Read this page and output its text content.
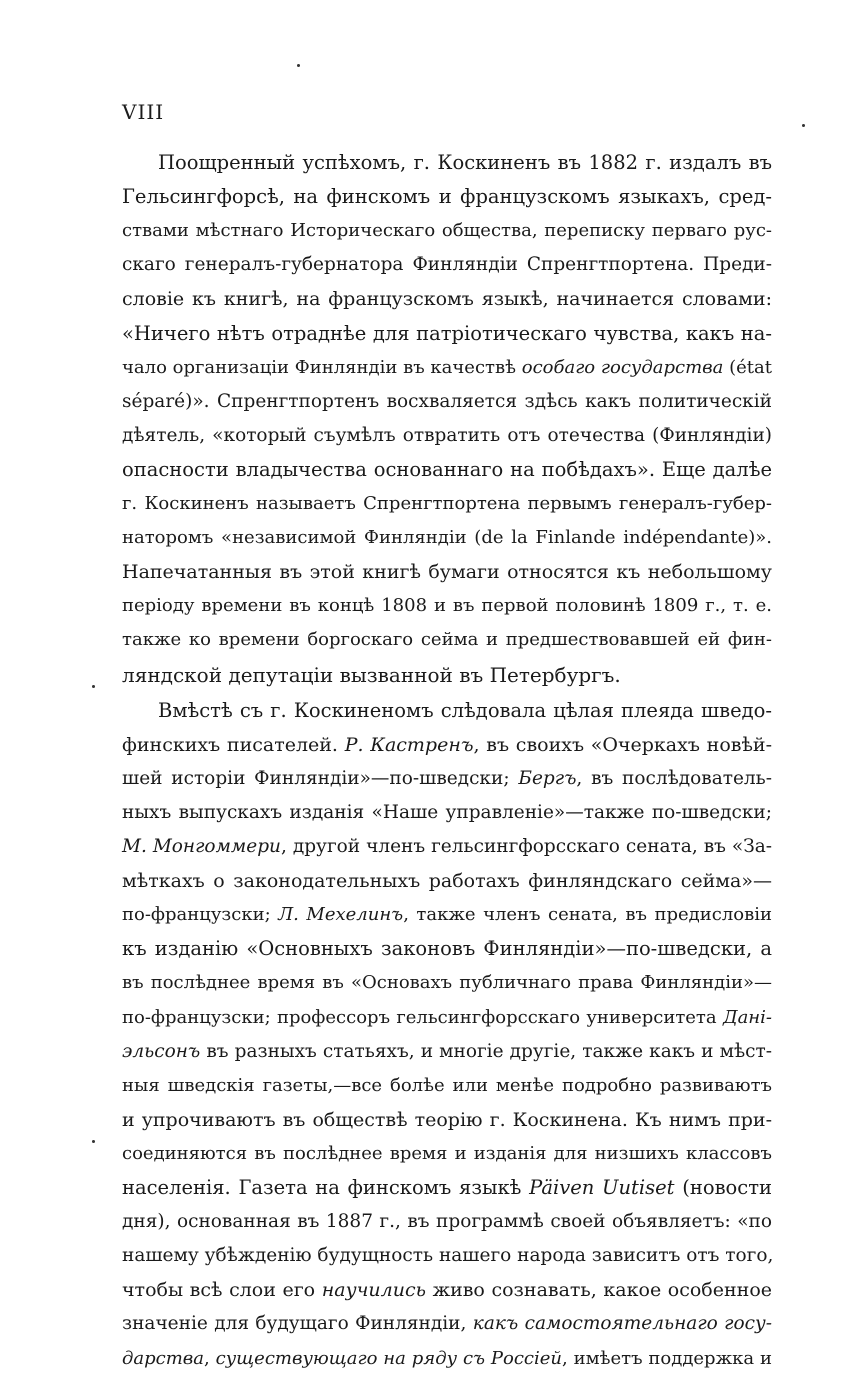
VIII
Поощренный успѣхомъ, г. Коскиненъ въ 1882 г. издалъ въ
Гельсингфорсѣ, на финскомъ и французскомъ языкахъ, сред-
ствами мѣстнаго Историческаго общества, переписку перваго рус-
скаго генералъ-губернатора Финляндіи Спренгтпортена. Преди-
словіе къ книгѣ, на французскомъ языкѣ, начинается словами:
«Ничего нѣтъ отраднѣе для патріотическаго чувства, какъ на-
чало организаціи Финляндіи въ качествѣ особаго государства (état
séparé)». Спренгтпортенъ восхваляется здѣсь какъ политическій
дѣятель, «который съумѣлъ отвратить отъ отечества (Финляндіи)
опасности владычества основаннаго на побѣдахъ». Еще далѣе
г. Коскиненъ называетъ Спренгтпортена первымъ генералъ-губер-
наторомъ «независимой Финляндіи (de la Finlande indépendante)».
Напечатанныя въ этой книгѣ бумаги относятся къ небольшому
періоду времени въ концѣ 1808 и въ первой половинѣ 1809 г., т. е.
также ко времени боргоскаго сейма и предшествовавшей ей фин-
ляндской депутаціи вызванной въ Петербургъ.
Вмѣстѣ съ г. Коскиненомъ слѣдовала цѣлая плеяда шведо-
финскихъ писателей. Р. Кастренъ, въ своихъ «Очеркахъ новѣй-
шей исторіи Финляндіи»—по-шведски; Бергъ, въ послѣдователь-
ныхъ выпускахъ изданія «Наше управленіе»—также по-шведски;
М. Монгоммери, другой членъ гельсингфорсскаго сената, въ «За-
мѣткахъ о законодательныхъ работахъ финляндскаго сейма»—
по-французски; Л. Мехелинъ, также членъ сената, въ предисловіи
къ изданію «Основныхъ законовъ Финляндіи»—по-шведски, а
въ послѣднее время въ «Основахъ публичнаго права Финляндіи»—
по-французски; профессоръ гельсингфорсскаго университета Дані-
эльсонъ въ разныхъ статьяхъ, и многіе другіе, также какъ и мѣст-
ныя шведскія газеты,—все болѣе или менѣе подробно развиваютъ
и упрочиваютъ въ обществѣ теорію г. Коскинена. Къ нимъ при-
соединяются въ послѣднее время и изданія для низшихъ классовъ
населенія. Газета на финскомъ языкѣ Päiven Uutiset (новости
дня), основанная въ 1887 г., въ программѣ своей объявляетъ: «по
нашему убѣжденію будущность нашего народа зависитъ отъ того,
чтобы всѣ слои его научились живо сознавать, какое особенное
значеніе для будущаго Финляндіи, какъ самостоятельнаго госу-
дарства, существующаго на ряду съ Россіей, имѣетъ поддержка и
